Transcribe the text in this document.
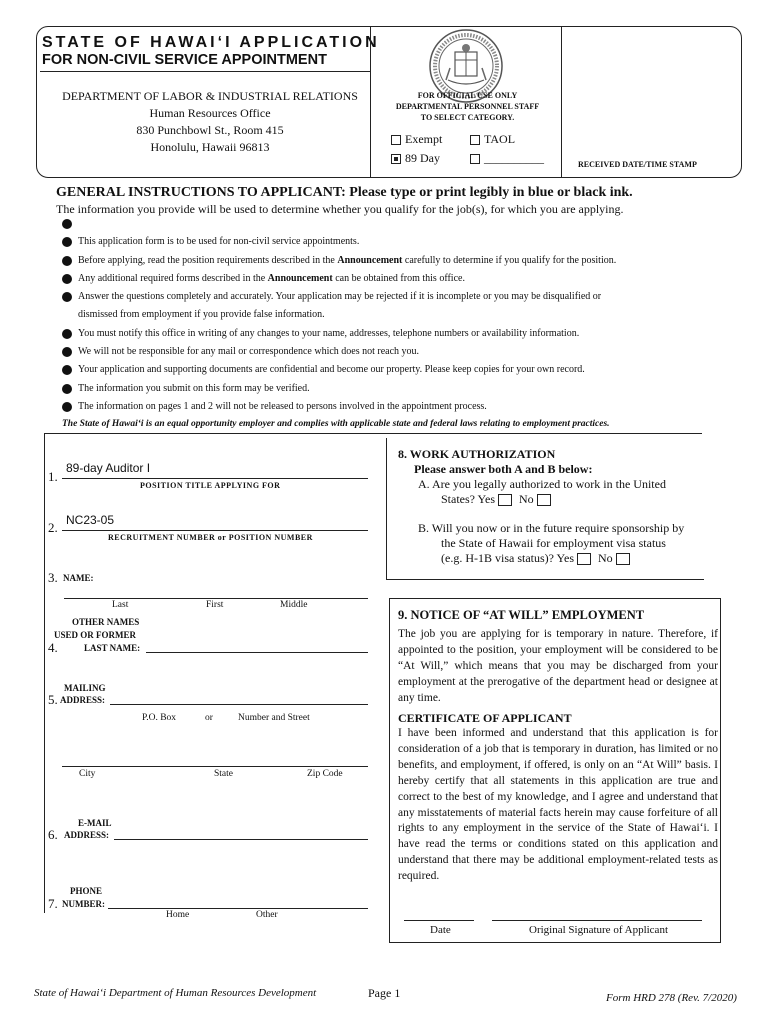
STATE OF HAWAI‘I APPLICATION
FOR NON-CIVIL SERVICE APPOINTMENT
DEPARTMENT OF LABOR & INDUSTRIAL RELATIONS
Human Resources Office
830 Punchbowl St., Room 415
Honolulu, Hawaii 96813
FOR OFFICIAL USE ONLY
DEPARTMENTAL PERSONNEL STAFF
TO SELECT CATEGORY.
Exempt	TAOL
89 Day	__________	RECEIVED DATE/TIME STAMP
GENERAL INSTRUCTIONS TO APPLICANT: Please type or print legibly in blue or black ink.
The information you provide will be used to determine whether you qualify for the job(s), for which you are applying.
This application form is to be used for non-civil service appointments.
Before applying, read the position requirements described in the Announcement carefully to determine if you qualify for the position.
Any additional required forms described in the Announcement can be obtained from this office.
Answer the questions completely and accurately. Your application may be rejected if it is incomplete or you may be disqualified or
dismissed from employment if you provide false information.
You must notify this office in writing of any changes to your name, addresses, telephone numbers or availability information.
We will not be responsible for any mail or correspondence which does not reach you.
Your application and supporting documents are confidential and become our property. Please keep copies for your own record.
The information you submit on this form may be verified.
The information on pages 1 and 2 will not be released to persons involved in the appointment process.
The State of Hawai‘i is an equal opportunity employer and complies with applicable state and federal laws relating to employment practices.
1.
89-day Auditor I
POSITION TITLE APPLYING FOR
2. NC23-05
RECRUITMENT NUMBER or POSITION NUMBER
3. NAME:
Last	First	Middle
OTHER NAMES
USED OR FORMER
4.	LAST NAME:
MAILING
5. ADDRESS:
P.O. Box	or	Number and Street
City	State	Zip Code
E-MAIL
6. ADDRESS:
PHONE
7. NUMBER:
Home	Other
8. WORK AUTHORIZATION
Please answer both A and B below:
A. Are you legally authorized to work in the United
States? Yes No
B. Will you now or in the future require sponsorship by
the State of Hawaii for employment visa status
(e.g. H-1B visa status)? Yes No
9. NOTICE OF “AT WILL” EMPLOYMENT
The job you are applying for is temporary in nature. Therefore, if appointed to the position, your employment will be considered to be “At Will,” which means that you may be discharged from your employment at the prerogative of the department head or designee at any time.
CERTIFICATE OF APPLICANT
I have been informed and understand that this application is for consideration of a job that is temporary in duration, has limited or no benefits, and employment, if offered, is only on an “At Will” basis. I hereby certify that all statements in this application are true and correct to the best of my knowledge, and I agree and understand that any misstatements of material facts herein may cause forfeiture of all rights to any employment in the service of the State of Hawai‘i. I have read the terms or conditions stated on this application and understand that there may be additional employment-related tests as required.
Date	Original Signature of Applicant
State of Hawai‘i Department of Human Resources Development	Page 1	Form HRD 278 (Rev. 7/2020)
